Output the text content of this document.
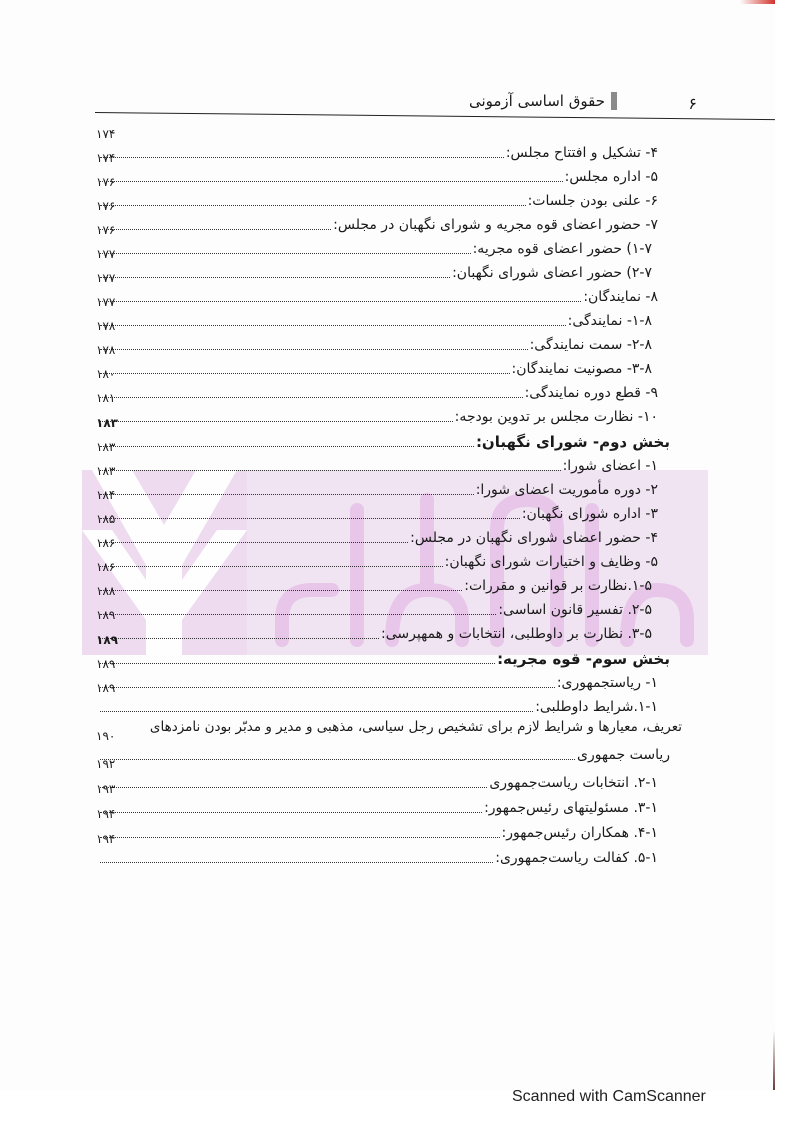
۶
حقوق اساسی آزمونی
۴- تشکیل و افتتاح مجلس:
۱۷۴
۵- اداره مجلس:
۱۷۴
۶- علنی بودن جلسات:
۱۷۶
۷- حضور اعضای قوه مجریه و شورای نگهبان در مجلس:
۱۷۶
۱-۷) حضور اعضای قوه مجریه:
۱۷۶
۲-۷) حضور اعضای شورای نگهبان:
۱۷۷
۸- نمایندگان:
۱۷۷
۱-۸- نمایندگی:
۱۷۷
۲-۸- سمت نمایندگی:
۱۷۸
۳-۸- مصونیت نمایندگان:
۱۷۸
۹- قطع دوره نمایندگی:
۱۸۰
۱۰- نظارت مجلس بر تدوین بودجه:
۱۸۱
بخش دوم- شورای نگهبان:
۱۸۳
۱- اعضای شورا:
۱۸۳
۲- دوره مأموریت اعضای شورا:
۱۸۳
۳- اداره شورای نگهبان:
۱۸۴
۴- حضور اعضای شورای نگهبان در مجلس:
۱۸۵
۵- وظایف و اختیارات شورای نگهبان:
۱۸۶
۱-۵.نظارت بر قوانین و مقررات:
۱۸۶
۲-۵. تفسیر قانون اساسی:
۱۸۸
۳-۵. نظارت بر داوطلبی، انتخابات و همهپرسی:
۱۸۹
بخش سوم- قوه مجریه:
۱۸۹
۱- ریاستجمهوری:
۱۸۹
۱-۱.شرایط داوطلبی:
۱۸۹
تعریف، معیارها و شرایط لازم برای تشخیص رجل سیاسی، مذهبی و مدیر و مدبّر بودن نامزدهای
ریاست جمهوری
۱۹۰
۲-۱. انتخابات ریاست‌جمهوری
۱۹۲
۳-۱. مسئولیتهای رئیس‌جمهور:
۱۹۳
۴-۱. همکاران رئیس‌جمهور:
۱۹۴
۵-۱. کفالت ریاست‌جمهوری:
۱۹۴
Scanned with CamScanner
